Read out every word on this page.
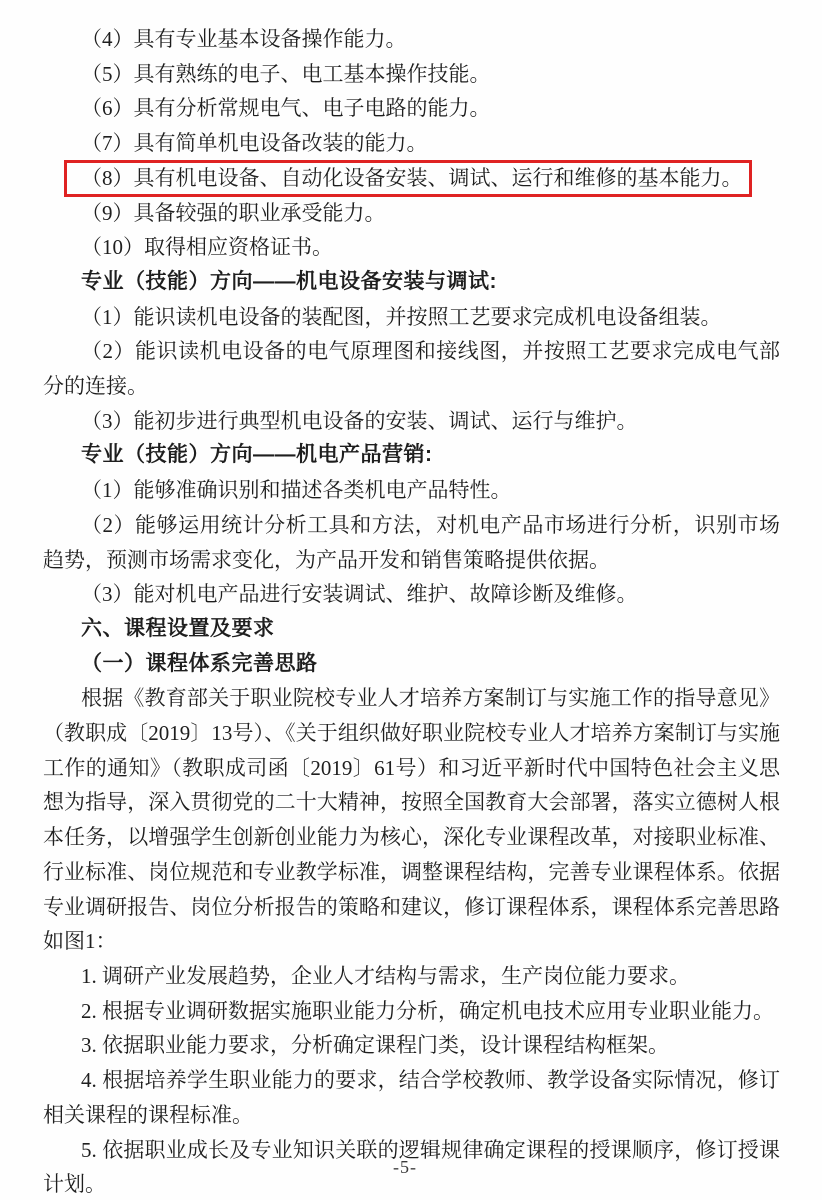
（4）具有专业基本设备操作能力。

（5）具有熟练的电子、电工基本操作技能。

（6）具有分析常规电气、电子电路的能力。

（7）具有简单机电设备改装的能力。

（8）具有机电设备、自动化设备安装、调试、运行和维修的基本能力。

（9）具备较强的职业承受能力。

（10）取得相应资格证书。

专业（技能）方向——机电设备安装与调试:

（1）能识读机电设备的装配图，并按照工艺要求完成机电设备组装。

（2）能识读机电设备的电气原理图和接线图，并按照工艺要求完成电气部分的连接。

（3）能初步进行典型机电设备的安装、调试、运行与维护。

专业（技能）方向——机电产品营销:

（1）能够准确识别和描述各类机电产品特性。

（2）能够运用统计分析工具和方法，对机电产品市场进行分析，识别市场趋势，预测市场需求变化，为产品开发和销售策略提供依据。

（3）能对机电产品进行安装调试、维护、故障诊断及维修。

六、课程设置及要求

（一）课程体系完善思路

根据《教育部关于职业院校专业人才培养方案制订与实施工作的指导意见》（教职成〔2019〕13号）、《关于组织做好职业院校专业人才培养方案制订与实施工作的通知》（教职成司函〔2019〕61号）和习近平新时代中国特色社会主义思想为指导，深入贯彻党的二十大精神，按照全国教育大会部署，落实立德树人根本任务，以增强学生创新创业能力为核心，深化专业课程改革，对接职业标准、行业标准、岗位规范和专业教学标准，调整课程结构，完善专业课程体系。依据专业调研报告、岗位分析报告的策略和建议，修订课程体系，课程体系完善思路如图1：

1. 调研产业发展趋势，企业人才结构与需求，生产岗位能力要求。

2. 根据专业调研数据实施职业能力分析，确定机电技术应用专业职业能力。

3. 依据职业能力要求，分析确定课程门类，设计课程结构框架。

4. 根据培养学生职业能力的要求，结合学校教师、教学设备实际情况，修订相关课程的课程标准。

5. 依据职业成长及专业知识关联的逻辑规律确定课程的授课顺序，修订授课计划。

-5-
